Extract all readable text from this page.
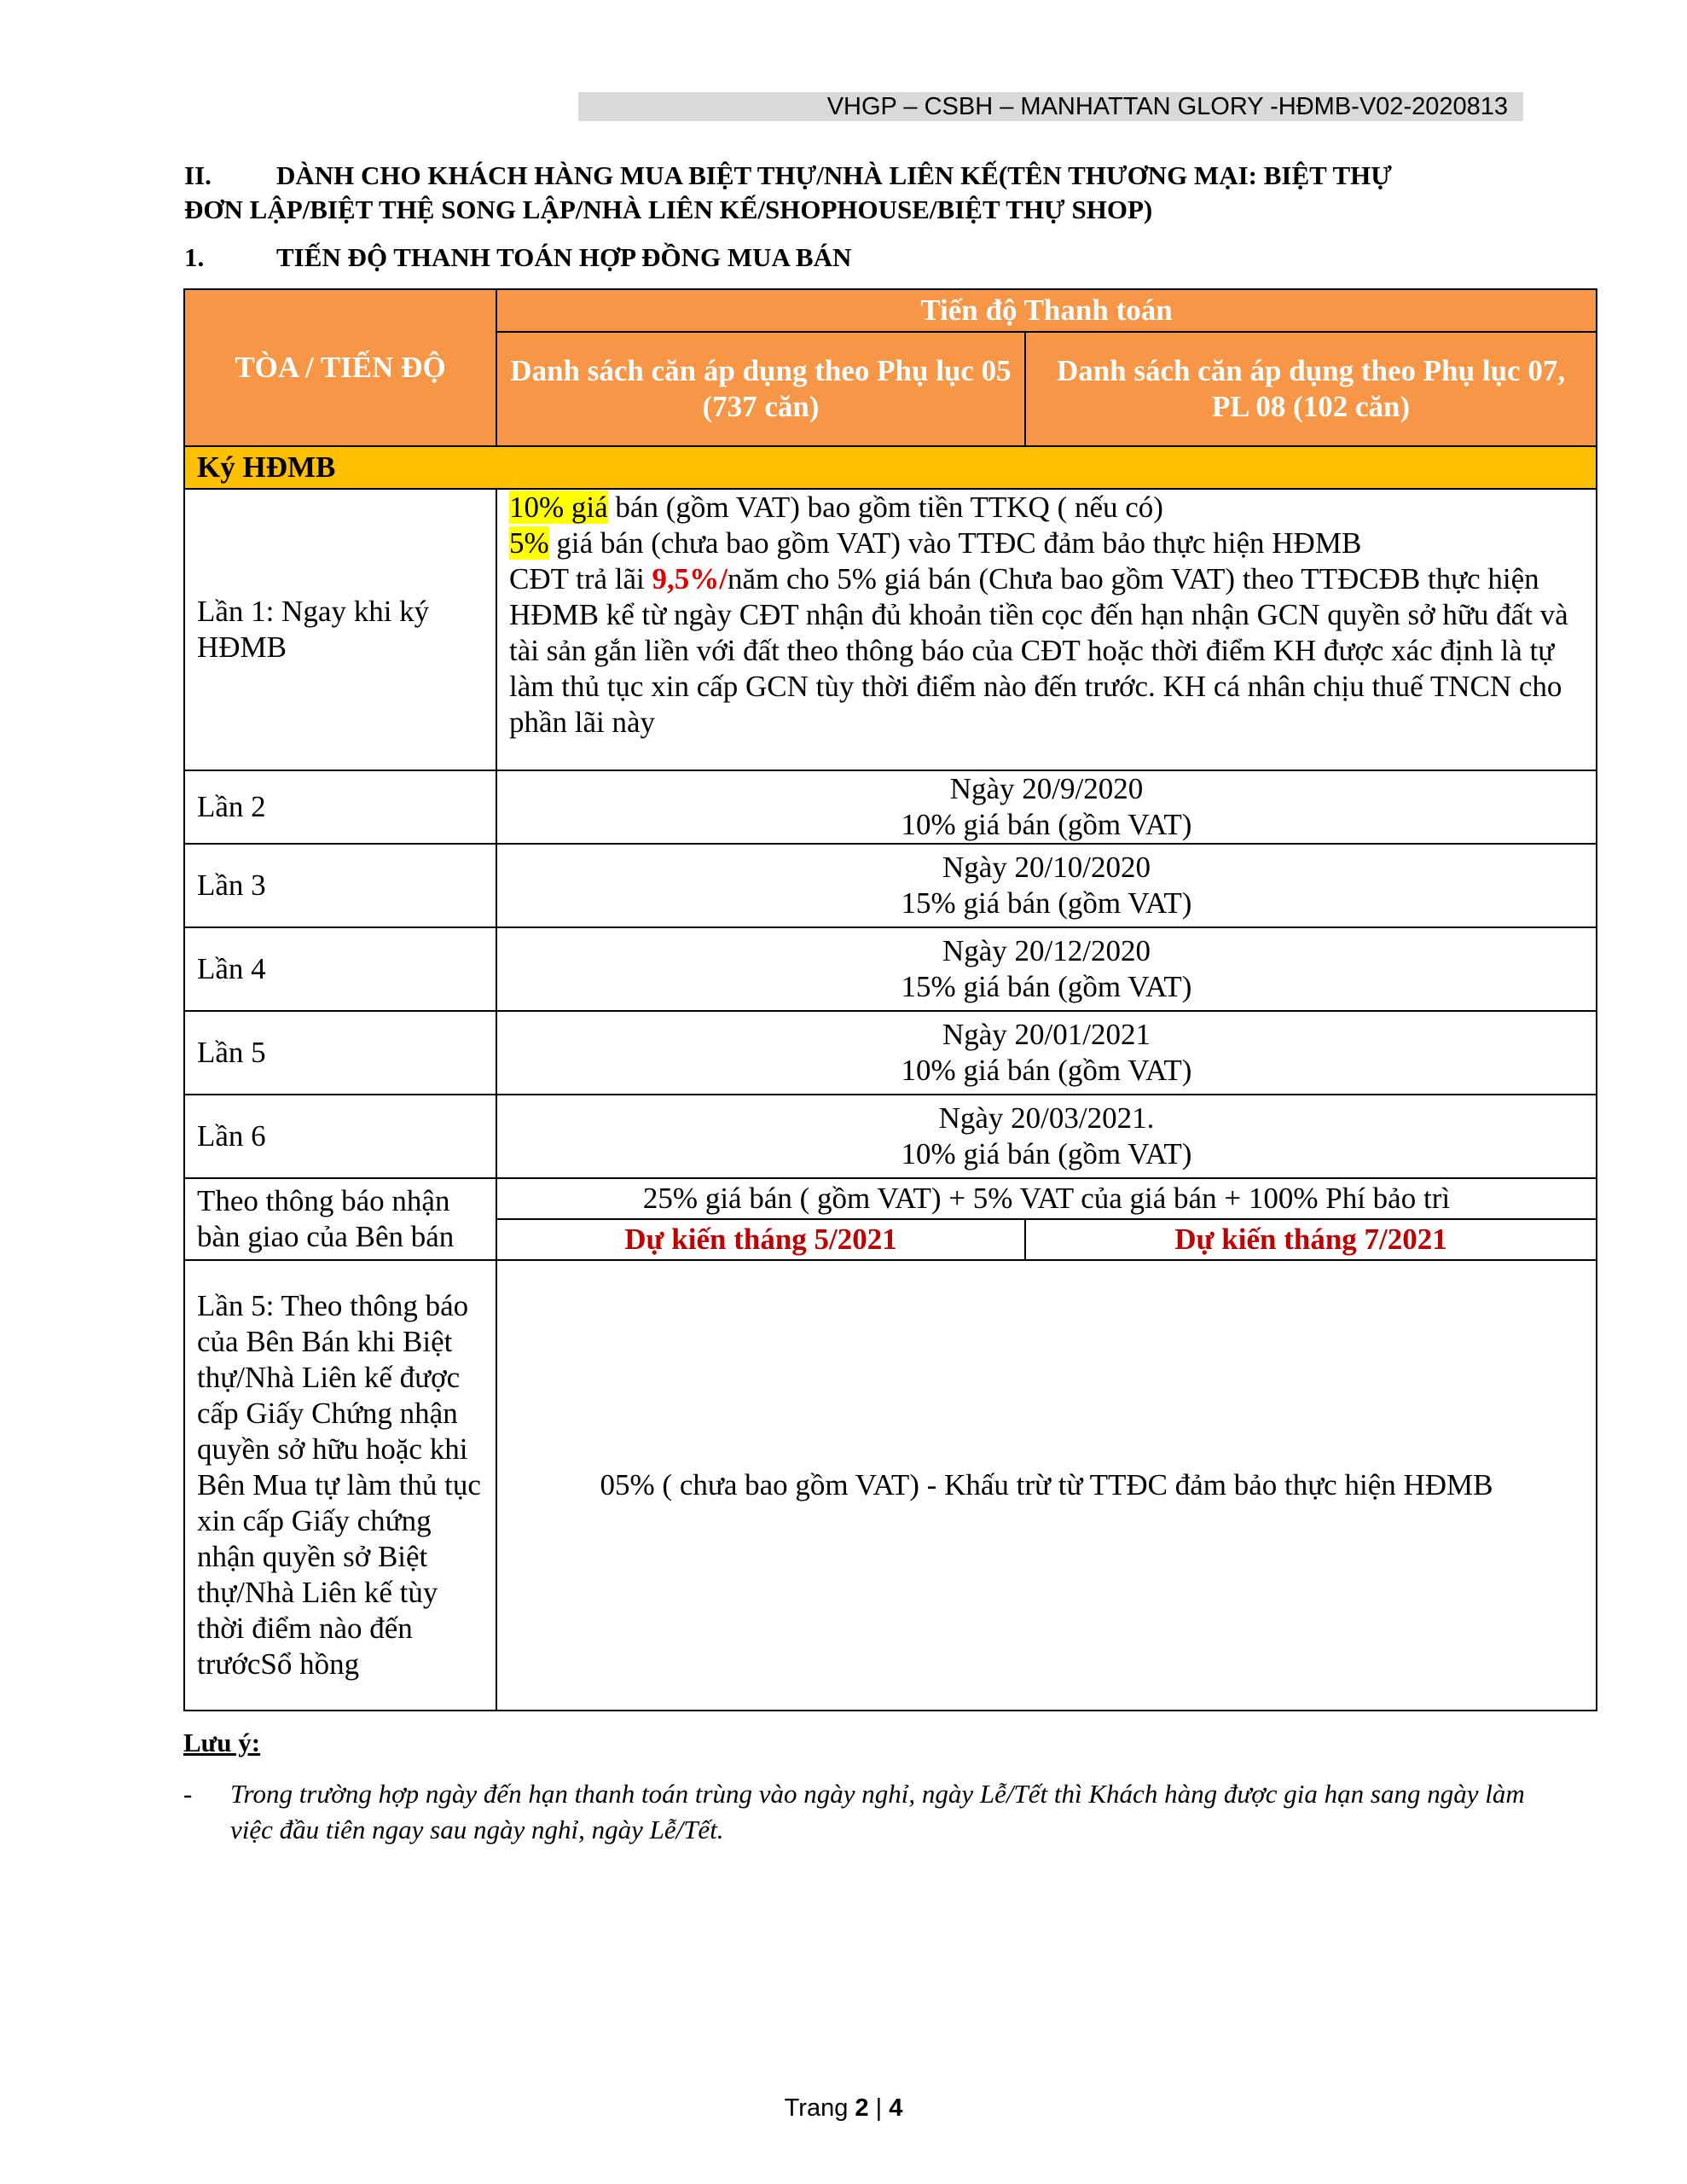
VHGP – CSBH – MANHATTAN GLORY -HĐMB-V02-2020813
II. DÀNH CHO KHÁCH HÀNG MUA BIỆT THỰ/NHÀ LIÊN KẾ(TÊN THƯƠNG MẠI: BIỆT THỰ
ĐƠN LẬP/BIỆT THỆ SONG LẬP/NHÀ LIÊN KẾ/SHOPHOUSE/BIỆT THỰ SHOP)
1.	TIẾN ĐỘ THANH TOÁN HỢP ĐỒNG MUA BÁN
TÒA / TIẾN ĐỘ	Tiến độ Thanh toán	
	Danh sách căn áp dụng theo Phụ lục 05 (737 căn)	Danh sách căn áp dụng theo Phụ lục 07, PL 08 (102 căn)
Ký HĐMB		
Lần 1: Ngay khi ký HĐMB	10% giá bán (gồm VAT) bao gồm tiền TTKQ ( nếu có)
5% giá bán (chưa bao gồm VAT) vào TTĐC đảm bảo thực hiện HĐMB
CĐT trả lãi 9,5%/năm cho 5% giá bán (Chưa bao gồm VAT) theo TTĐCĐB thực hiện HĐMB kể từ ngày CĐT nhận đủ khoản tiền cọc đến hạn nhận GCN quyền sở hữu đất và tài sản gắn liền với đất theo thông báo của CĐT hoặc thời điểm KH được xác định là tự làm thủ tục xin cấp GCN tùy thời điểm nào đến trước. KH cá nhân chịu thuế TNCN cho phần lãi này	

Lần 2	Ngày 20/9/2020
10% giá bán (gồm VAT)	

Lần 3	Ngày 20/10/2020
15% giá bán (gồm VAT)	

Lần 4	Ngày 20/12/2020
15% giá bán (gồm VAT)	

Lần 5	Ngày 20/01/2021
10% giá bán (gồm VAT)	

Lần 6	Ngày 20/03/2021.
10% giá bán (gồm VAT)	

Theo thông báo nhận bàn giao của Bên bán	25% giá bán ( gồm VAT) + 5% VAT của giá bán + 100% Phí bảo trì	
	Dự kiến tháng 5/2021	Dự kiến tháng 7/2021
Lần 5: Theo thông báo của Bên Bán khi Biệt thự/Nhà Liên kế được cấp Giấy Chứng nhận quyền sở hữu hoặc khi Bên Mua tự làm thủ tục xin cấp Giấy chứng nhận quyền sở Biệt thự/Nhà Liên kế tùy thời điểm nào đến trướcSổ hồng	05% ( chưa bao gồm VAT) - Khấu trừ từ TTĐC đảm bảo thực hiện HĐMB	
Lưu ý:
- Trong trường hợp ngày đến hạn thanh toán trùng vào ngày nghỉ, ngày Lễ/Tết thì Khách hàng được gia hạn sang ngày làm việc đầu tiên ngay sau ngày nghỉ, ngày Lễ/Tết.
Trang 2 | 4
